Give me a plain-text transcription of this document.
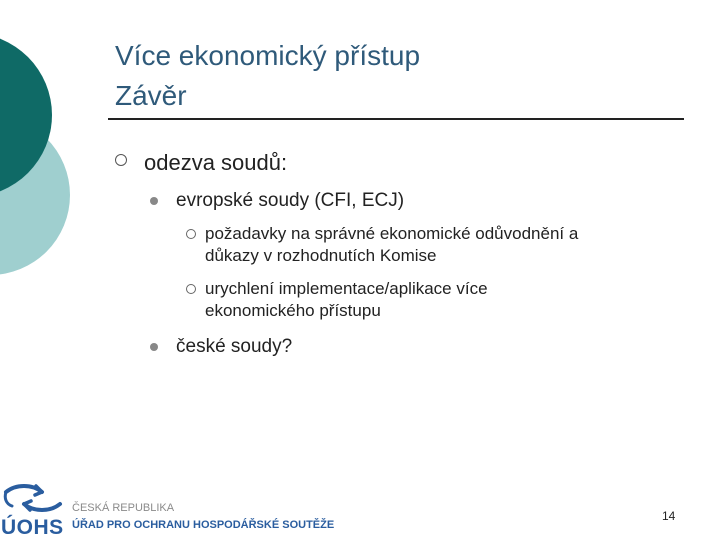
Více ekonomický přístup
Závěr
odezva soudů:
evropské soudy (CFI, ECJ)
požadavky na správné ekonomické odůvodnění a
důkazy v rozhodnutích Komise
urychlení implementace/aplikace více
ekonomického přístupu
české soudy?
ÚOHS
ČESKÁ REPUBLIKA
ÚŘAD PRO OCHRANU HOSPODÁŘSKÉ SOUTĚŽE
14
